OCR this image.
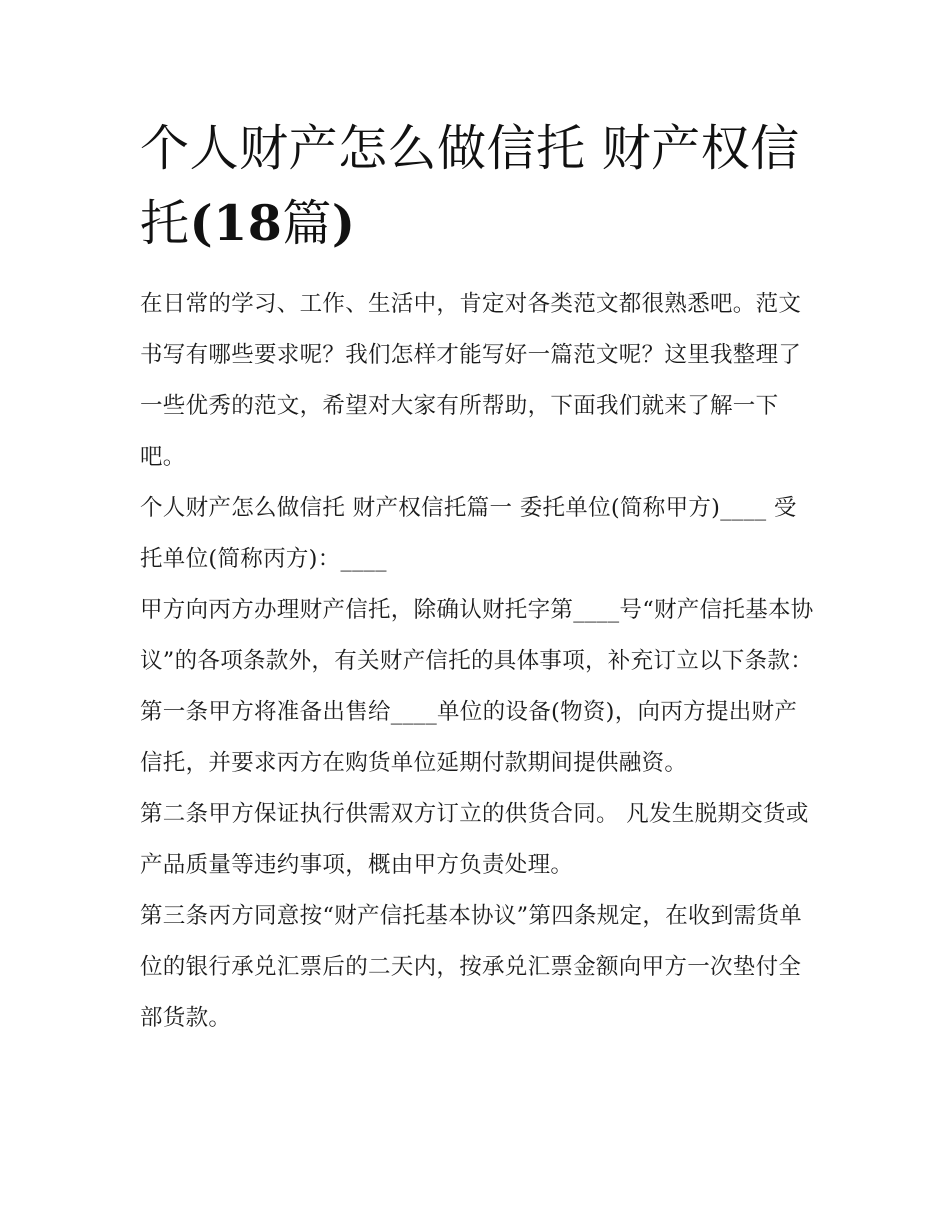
个人财产怎么做信托 财产权信托(18篇)

在日常的学习、工作、生活中，肯定对各类范文都很熟悉吧。范文书写有哪些要求呢？我们怎样才能写好一篇范文呢？这里我整理了一些优秀的范文，希望对大家有所帮助，下面我们就来了解一下吧。

个人财产怎么做信托 财产权信托篇一 委托单位(简称甲方)____ 受托单位(简称丙方)：____

甲方向丙方办理财产信托，除确认财托字第____号“财产信托基本协议”的各项条款外，有关财产信托的具体事项，补充订立以下条款：

第一条甲方将准备出售给____单位的设备(物资)，向丙方提出财产信托，并要求丙方在购货单位延期付款期间提供融资。

第二条甲方保证执行供需双方订立的供货合同。 凡发生脱期交货或产品质量等违约事项，概由甲方负责处理。

第三条丙方同意按“财产信托基本协议”第四条规定，在收到需货单位的银行承兑汇票后的二天内，按承兑汇票金额向甲方一次垫付全部货款。
